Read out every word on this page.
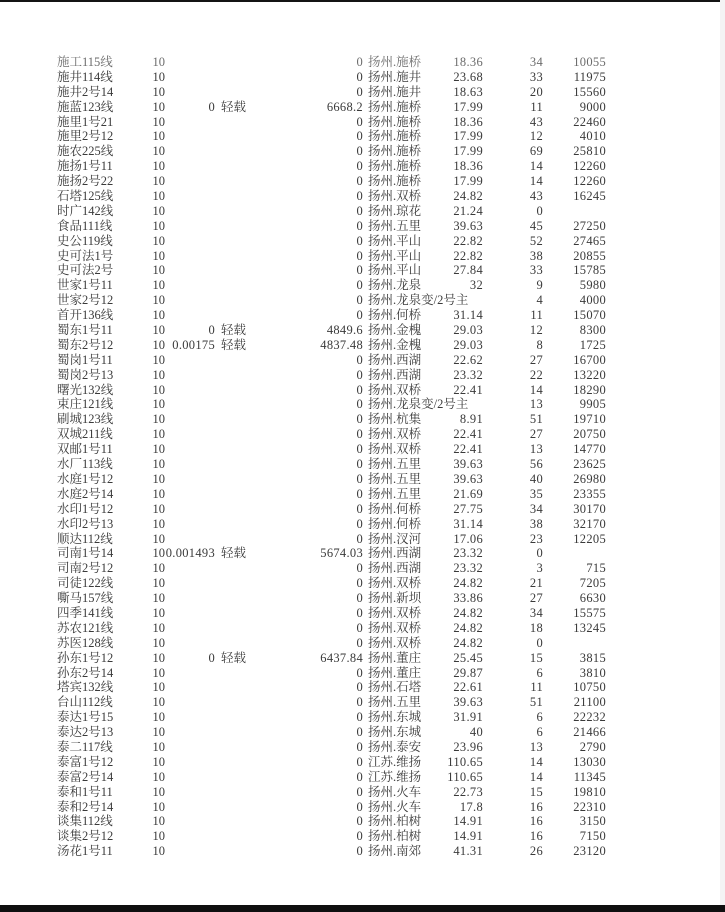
施工115线	10	0 扬州.施桥	18.36	34	10055
施井114线	10	0 扬州.施井	23.68	33	11975
施井2号14	10	0 扬州.施井	18.63	20	15560
施蓝123线	10	0 轻载	6668.2 扬州.施桥	17.99	11	9000
施里1号21	10	0 扬州.施桥	18.36	43	22460
施里2号12	10	0 扬州.施桥	17.99	12	4010
施农225线	10	0 扬州.施桥	17.99	69	25810
施扬1号11	10	0 扬州.施桥	18.36	14	12260
施扬2号22	10	0 扬州.施桥	17.99	14	12260
石塔125线	10	0 扬州.双桥	24.82	43	16245
时广142线	10	0 扬州.琼花	21.24	0
食品111线	10	0 扬州.五里	39.63	45	27250
史公119线	10	0 扬州.平山	22.82	52	27465
史可法1号	10	0 扬州.平山	22.82	38	20855
史可法2号	10	0 扬州.平山	27.84	33	15785
世家1号11	10	0 扬州.龙泉	32	9	5980
世家2号12	10	0 扬州.龙泉变/2号主	4	4000
首开136线	10	0 扬州.何桥	31.14	11	15070
蜀东1号11	10	0 轻载	4849.6 扬州.金槐	29.03	12	8300
蜀东2号12	10 0.00175 轻载	4837.48 扬州.金槐	29.03	8	1725
蜀岗1号11	10	0 扬州.西湖	22.62	27	16700
蜀岗2号13	10	0 扬州.西湖	23.32	22	13220
曙光132线	10	0 扬州.双桥	22.41	14	18290
束庄121线	10	0 扬州.龙泉变/2号主	13	9905
刷城123线	10	0 扬州.杭集	8.91	51	19710
双城211线	10	0 扬州.双桥	22.41	27	20750
双邮1号11	10	0 扬州.双桥	22.41	13	14770
水厂113线	10	0 扬州.五里	39.63	56	23625
水庭1号12	10	0 扬州.五里	39.63	40	26980
水庭2号14	10	0 扬州.五里	21.69	35	23355
水印1号12	10	0 扬州.何桥	27.75	34	30170
水印2号13	10	0 扬州.何桥	31.14	38	32170
顺达112线	10	0 扬州.汊河	17.06	23	12205
司南1号14	10 0.001493 轻载	5674.03 扬州.西湖	23.32	0
司南2号12	10	0 扬州.西湖	23.32	3	715
司徒122线	10	0 扬州.双桥	24.82	21	7205
嘶马157线	10	0 扬州.新坝	33.86	27	6630
四季141线	10	0 扬州.双桥	24.82	34	15575
苏农121线	10	0 扬州.双桥	24.82	18	13245
苏医128线	10	0 扬州.双桥	24.82	0
孙东1号12	10	0 轻载	6437.84 扬州.董庄	25.45	15	3815
孙东2号14	10	0 扬州.董庄	29.87	6	3810
塔宾132线	10	0 扬州.石塔	22.61	11	10750
台山112线	10	0 扬州.五里	39.63	51	21100
泰达1号15	10	0 扬州.东城	31.91	6	22232
泰达2号13	10	0 扬州.东城	40	6	21466
泰二117线	10	0 扬州.泰安	23.96	13	2790
泰富1号12	10	0 江苏.维扬	110.65	14	13030
泰富2号14	10	0 江苏.维扬	110.65	14	11345
泰和1号11	10	0 扬州.火车	22.73	15	19810
泰和2号14	10	0 扬州.火车	17.8	16	22310
谈集112线	10	0 扬州.柏树	14.91	16	3150
谈集2号12	10	0 扬州.柏树	14.91	16	7150
汤花1号11	10	0 扬州.南郊	41.31	26	23120
